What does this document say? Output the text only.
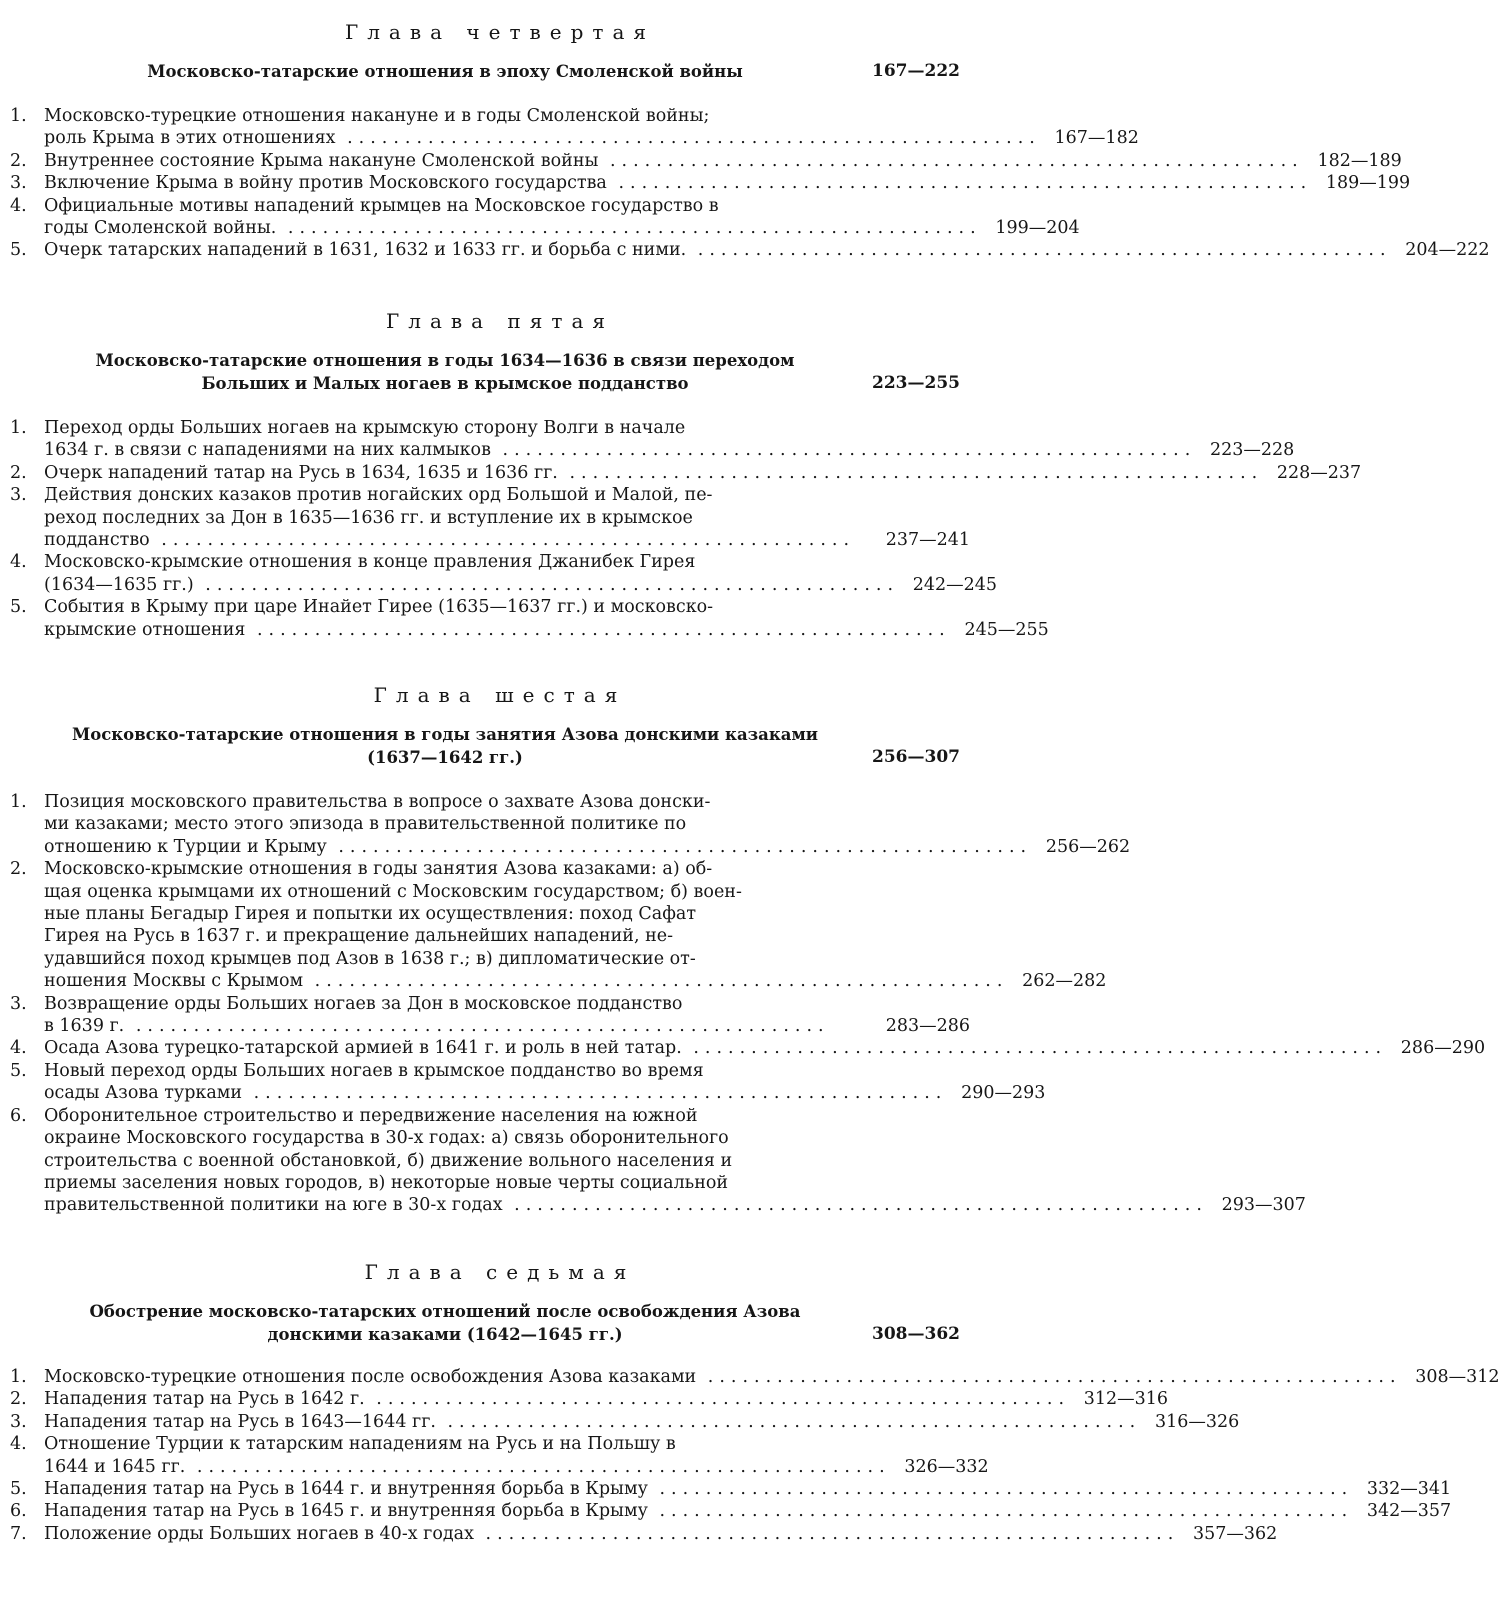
Глава четвертая
Московско-татарские отношения в эпоху Смоленской войны	167—222
1. Московско-турецкие отношения накануне и в годы Смоленской войны;
роль Крыма в этих отношениях ............................................................ 167—182
2. Внутреннее состояние Крыма накануне Смоленской войны ............................................................ 182—189
3. Включение Крыма в войну против Московского государства ............................................................ 189—199
4. Официальные мотивы нападений крымцев на Московское государство в
годы Смоленской войны. ............................................................ 199—204
5. Очерк татарских нападений в 1631, 1632 и 1633 гг. и борьба с ними. ............................................................ 204—222
Глава пятая
Московско-татарские отношения в годы 1634—1636 в связи переходом
Больших и Малых ногаев в крымское подданство	223—255
1. Переход орды Больших ногаев на крымскую сторону Волги в начале
1634 г. в связи с нападениями на них калмыков ............................................................ 223—228
2. Очерк нападений татар на Русь в 1634, 1635 и 1636 гг. ............................................................ 228—237
3. Действия донских казаков против ногайских орд Большой и Малой, пе-
реход последних за Дон в 1635—1636 гг. и вступление их в крымское
подданство ............................................................	237—241
4. Московско-крымские отношения в конце правления Джанибек Гирея
(1634—1635 гг.) ............................................................ 242—245
5. События в Крыму при царе Инайет Гирее (1635—1637 гг.) и московско-
крымские отношения ............................................................ 245—255
Глава шестая
Московско-татарские отношения в годы занятия Азова донскими казаками
(1637—1642 гг.)	256—307
1. Позиция московского правительства в вопросе о захвате Азова донски-
ми казаками; место этого эпизода в правительственной политике по
отношению к Турции и Крыму ............................................................ 256—262
2. Московско-крымские отношения в годы занятия Азова казаками: а) об-
щая оценка крымцами их отношений с Московским государством; б) воен-
ные планы Бегадыр Гирея и попытки их осуществления: поход Сафат
Гирея на Русь в 1637 г. и прекращение дальнейших нападений, не-
удавшийся поход крымцев под Азов в 1638 г.; в) дипломатические от-
ношения Москвы с Крымом ............................................................ 262—282
3. Возвращение орды Больших ногаев за Дон в московское подданство
в 1639 г. ............................................................	283—286
4. Осада Азова турецко-татарской армией в 1641 г. и роль в ней татар. ............................................................ 286—290
5. Новый переход орды Больших ногаев в крымское подданство во время
осады Азова турками ............................................................ 290—293
6. Оборонительное строительство и передвижение населения на южной
окраине Московского государства в 30-х годах: а) связь оборонительного
строительства с военной обстановкой, б) движение вольного населения и
приемы заселения новых городов, в) некоторые новые черты социальной
правительственной политики на юге в 30-х годах ............................................................ 293—307
Глава седьмая
Обострение московско-татарских отношений после освобождения Азова
донскими казаками (1642—1645 гг.)	308—362
1. Московско-турецкие отношения после освобождения Азова казаками ............................................................ 308—312
2. Нападения татар на Русь в 1642 г. ............................................................ 312—316
3. Нападения татар на Русь в 1643—1644 гг. ............................................................ 316—326
4. Отношение Турции к татарским нападениям на Русь и на Польшу в
1644 и 1645 гг. ............................................................ 326—332
5. Нападения татар на Русь в 1644 г. и внутренняя борьба в Крыму ............................................................ 332—341
6. Нападения татар на Русь в 1645 г. и внутренняя борьба в Крыму ............................................................ 342—357
7. Положение орды Больших ногаев в 40-х годах ............................................................ 357—362
